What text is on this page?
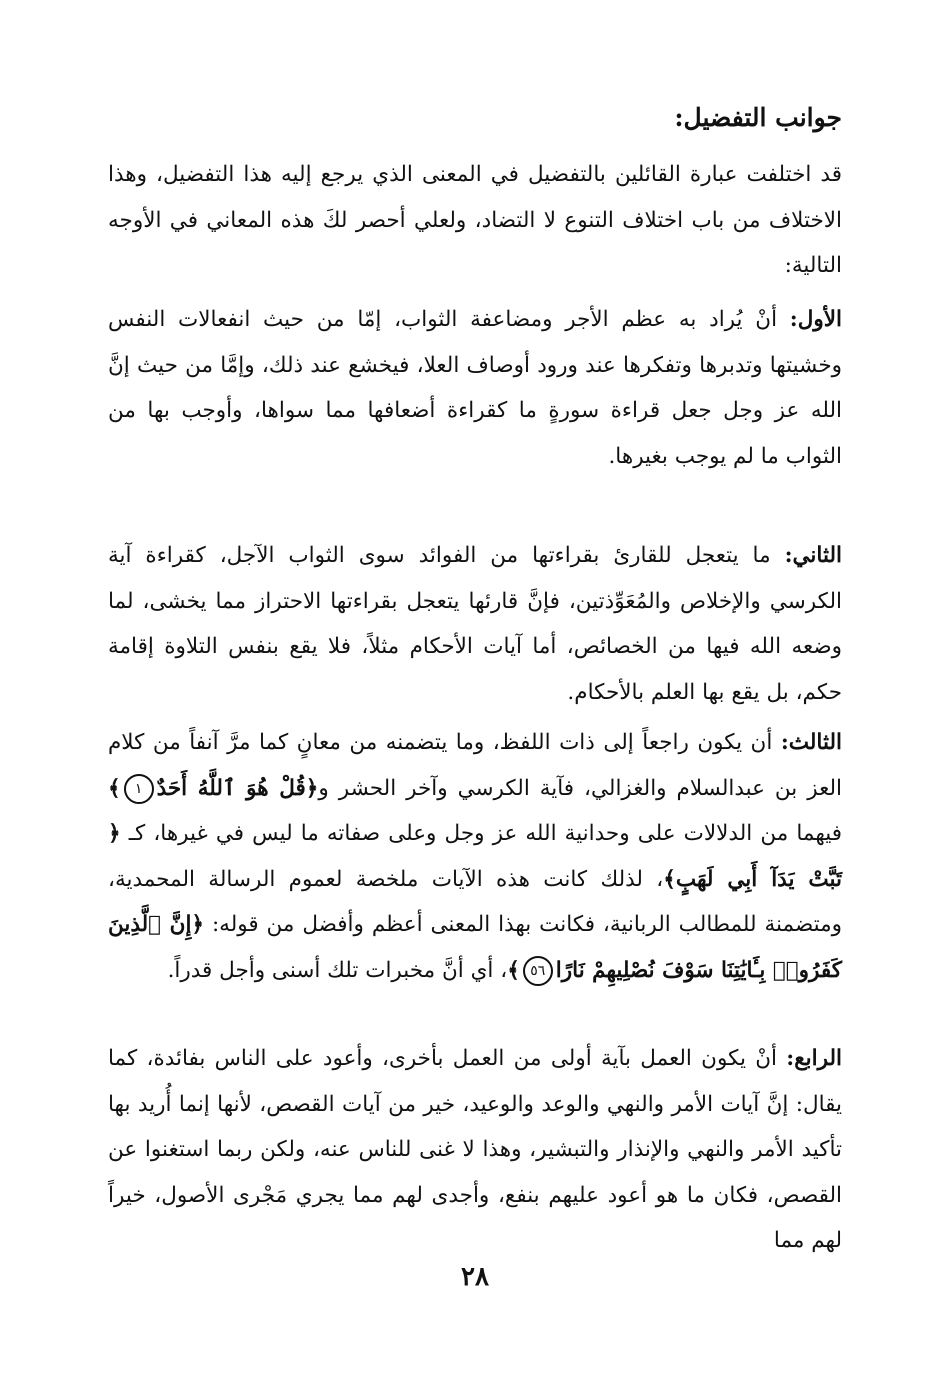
جوانب التفضيل:

قد اختلفت عبارة القائلين بالتفضيل في المعنى الذي يرجع إليه هذا التفضيل، وهذا الاختلاف من باب اختلاف التنوع لا التضاد، ولعلي أحصر لكَ هذه المعاني في الأوجه التالية:

الأول: أنْ يُراد به عظم الأجر ومضاعفة الثواب، إمّا من حيث انفعالات النفس وخشيتها وتدبرها وتفكرها عند ورود أوصاف العلا، فيخشع عند ذلك، وإمَّا من حيث إنَّ الله عز وجل جعل قراءة سورةٍ ما كقراءة أضعافها مما سواها، وأوجب بها من الثواب ما لم يوجب بغيرها.

الثاني: ما يتعجل للقارئ بقراءتها من الفوائد سوى الثواب الآجل، كقراءة آية الكرسي والإخلاص والمُعَوِّذتين، فإنَّ قارئها يتعجل بقراءتها الاحتراز مما يخشى، لما وضعه الله فيها من الخصائص، أما آيات الأحكام مثلاً، فلا يقع بنفس التلاوة إقامة حكم، بل يقع بها العلم بالأحكام.

الثالث: أن يكون راجعاً إلى ذات اللفظ، وما يتضمنه من معانٍ كما مرَّ آنفاً من كلام العز بن عبدالسلام والغزالي، فآية الكرسي وآخر الحشر و﴿قُلْ هُوَ ٱللَّهُ أَحَدٌ١﴾ فيهما من الدلالات على وحدانية الله عز وجل وعلى صفاته ما ليس في غيرها، كـ ﴿تَبَّتْ يَدَآ أَبِي لَهَبٍ﴾، لذلك كانت هذه الآيات ملخصة لعموم الرسالة المحمدية، ومتضمنة للمطالب الربانية، فكانت بهذا المعنى أعظم وأفضل من قوله: ﴿إِنَّ ٱلَّذِينَ كَفَرُوا۟ بِـَٔايَٰتِنَا سَوْفَ نُصْلِيهِمْ نَارًا٥٦﴾، أي أنَّ مخبرات تلك أسنى وأجل قدراً.

الرابع: أنْ يكون العمل بآية أولى من العمل بأخرى، وأعود على الناس بفائدة، كما يقال: إنَّ آيات الأمر والنهي والوعد والوعيد، خير من آيات القصص، لأنها إنما أُريد بها تأكيد الأمر والنهي والإنذار والتبشير، وهذا لا غنى للناس عنه، ولكن ربما استغنوا عن القصص، فكان ما هو أعود عليهم بنفع، وأجدى لهم مما يجري مَجْرى الأصول، خيراً لهم مما

٢٨
